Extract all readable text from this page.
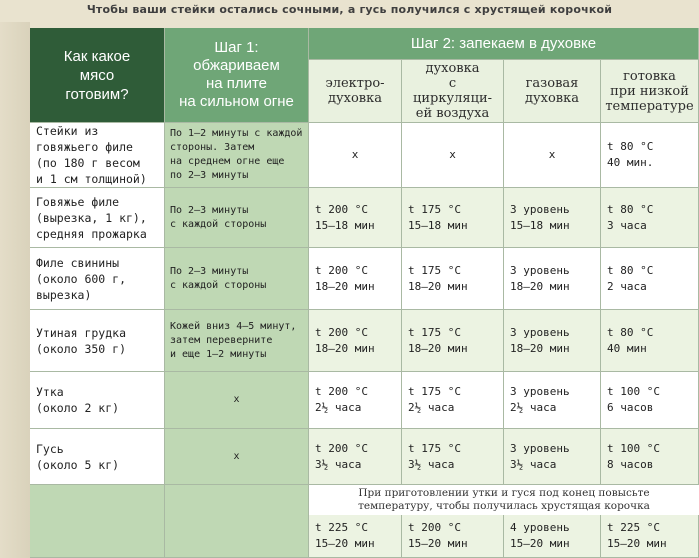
Чтобы ваши стейки остались сочными, а гусь получился с хрустящей корочкой
Как какое
мясо
готовим?
Шаг 1:
обжариваем
на плите
на сильном огне
Шаг 2: запекаем в духовке
электро-
духовка
духовка
с циркуляци-
ей воздуха
газовая
духовка
готовка
при низкой
температуре
Стейки из
говяжьего филе
(по 180 г весом
и 1 см толщиной)
По 1–2 минуты с каждой
стороны. Затем
на среднем огне еще
по 2–3 минуты
x	x	x
t 80 °C
40 мин.
Говяжье филе
(вырезка, 1 кг),
средняя прожарка
По 2–3 минуты
с каждой стороны
t 200 °C
15–18 мин
t 175 °C
15–18 мин
3 уровень
15–18 мин
t 80 °C
3 часа
Филе свинины
(около 600 г,
вырезка)
По 2–3 минуты
с каждой стороны
t 200 °C
18–20 мин
t 175 °C
18–20 мин
3 уровень
18–20 мин
t 80 °C
2 часа
Утиная грудка
(около 350 г)
Кожей вниз 4–5 минут,
затем переверните
и еще 1–2 минуты
t 200 °C
18–20 мин
t 175 °C
18–20 мин
3 уровень
18–20 мин
t 80 °C
40 мин
Утка
(около 2 кг)
x
t 200 °C
2½ часа
t 175 °C
2½ часа
3 уровень
2½ часа
t 100 °C
6 часов
Гусь
(около 5 кг)
x
t 200 °C
3½ часа
t 175 °C
3½ часа
3 уровень
3½ часа
t 100 °C
8 часов
При приготовлении утки и гуся под конец повысьте
температуру, чтобы получилась хрустящая корочка
t 225 °C
15–20 мин
t 200 °C
15–20 мин
4 уровень
15–20 мин
t 225 °C
15–20 мин
